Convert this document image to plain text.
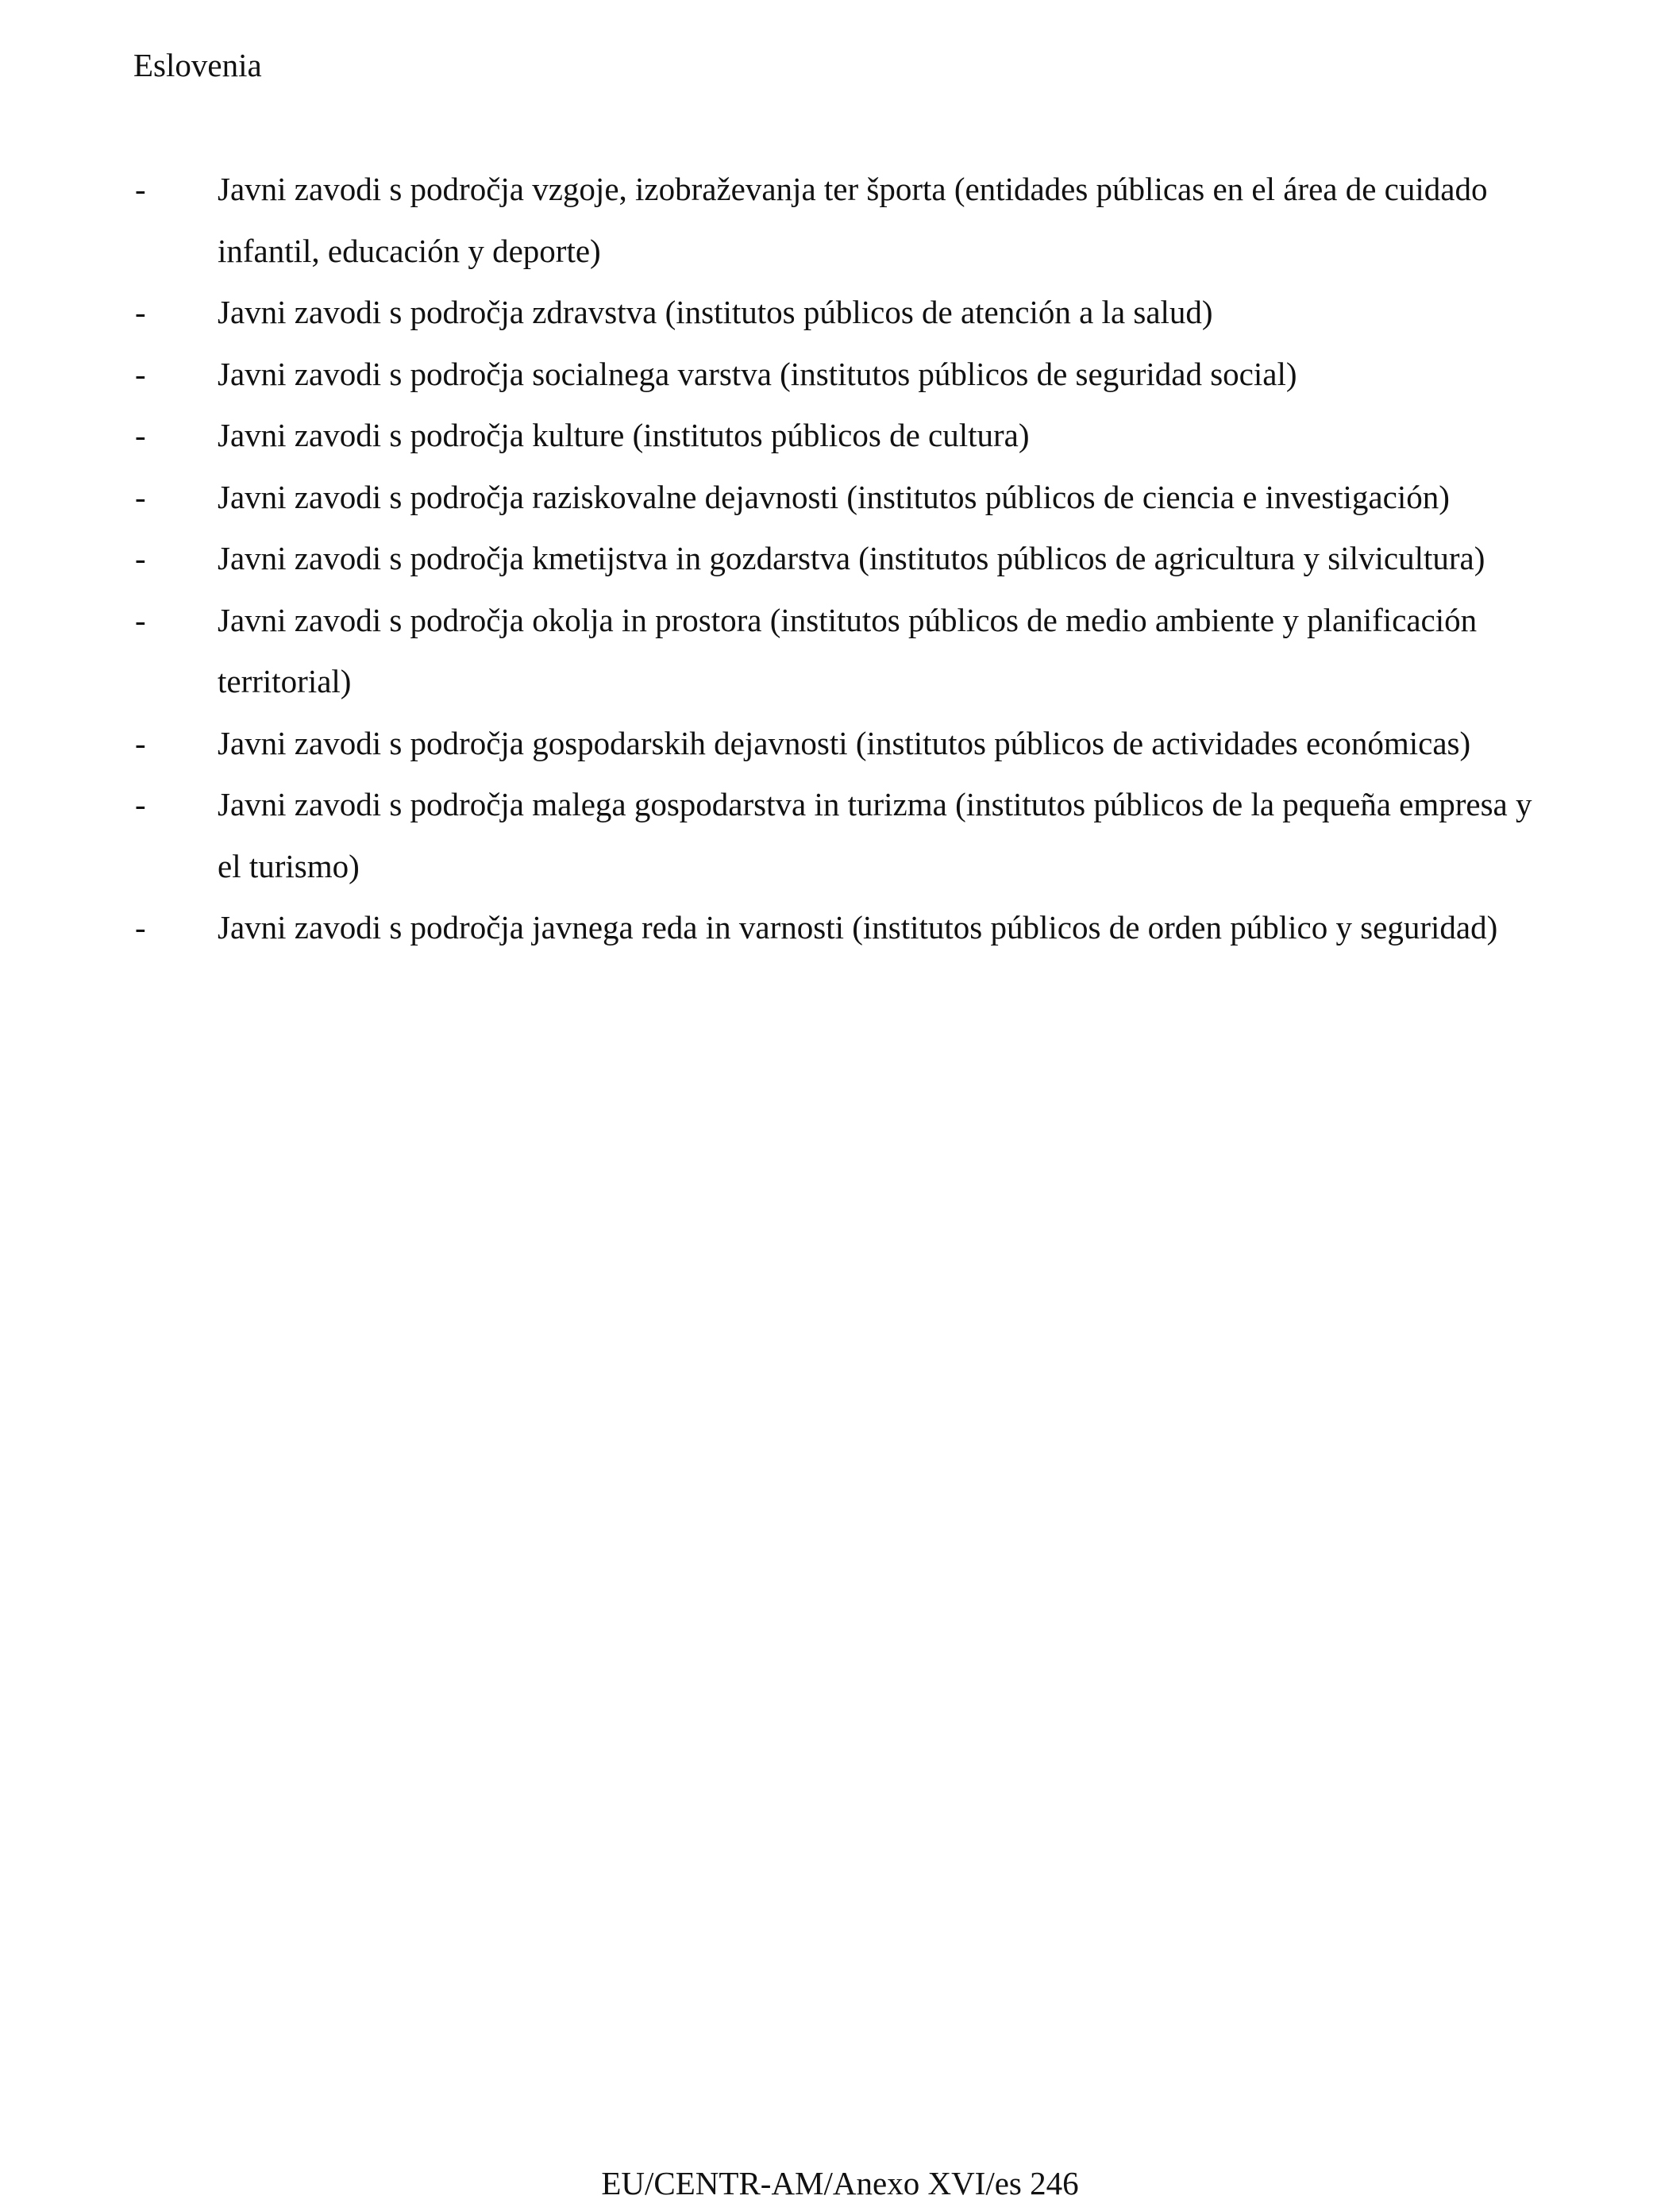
Eslovenia
-	Javni zavodi s področja vzgoje, izobraževanja ter športa (entidades públicas en el área de cuidado infantil, educación y deporte)
-	Javni zavodi s področja zdravstva (institutos públicos de atención a la salud)
-	Javni zavodi s področja socialnega varstva (institutos públicos de seguridad social)
-	Javni zavodi s področja kulture (institutos públicos de cultura)
-	Javni zavodi s področja raziskovalne dejavnosti (institutos públicos de ciencia e investigación)
-	Javni zavodi s področja kmetijstva in gozdarstva (institutos públicos de agricultura y silvicultura)
-	Javni zavodi s področja okolja in prostora (institutos públicos de medio ambiente y planificación territorial)
-	Javni zavodi s področja gospodarskih dejavnosti (institutos públicos de actividades económicas)
-	Javni zavodi s področja malega gospodarstva in turizma (institutos públicos de la pequeña empresa y el turismo)
-	Javni zavodi s področja javnega reda in varnosti (institutos públicos de orden público y seguridad)

EU/CENTR-AM/Anexo XVI/es 246
